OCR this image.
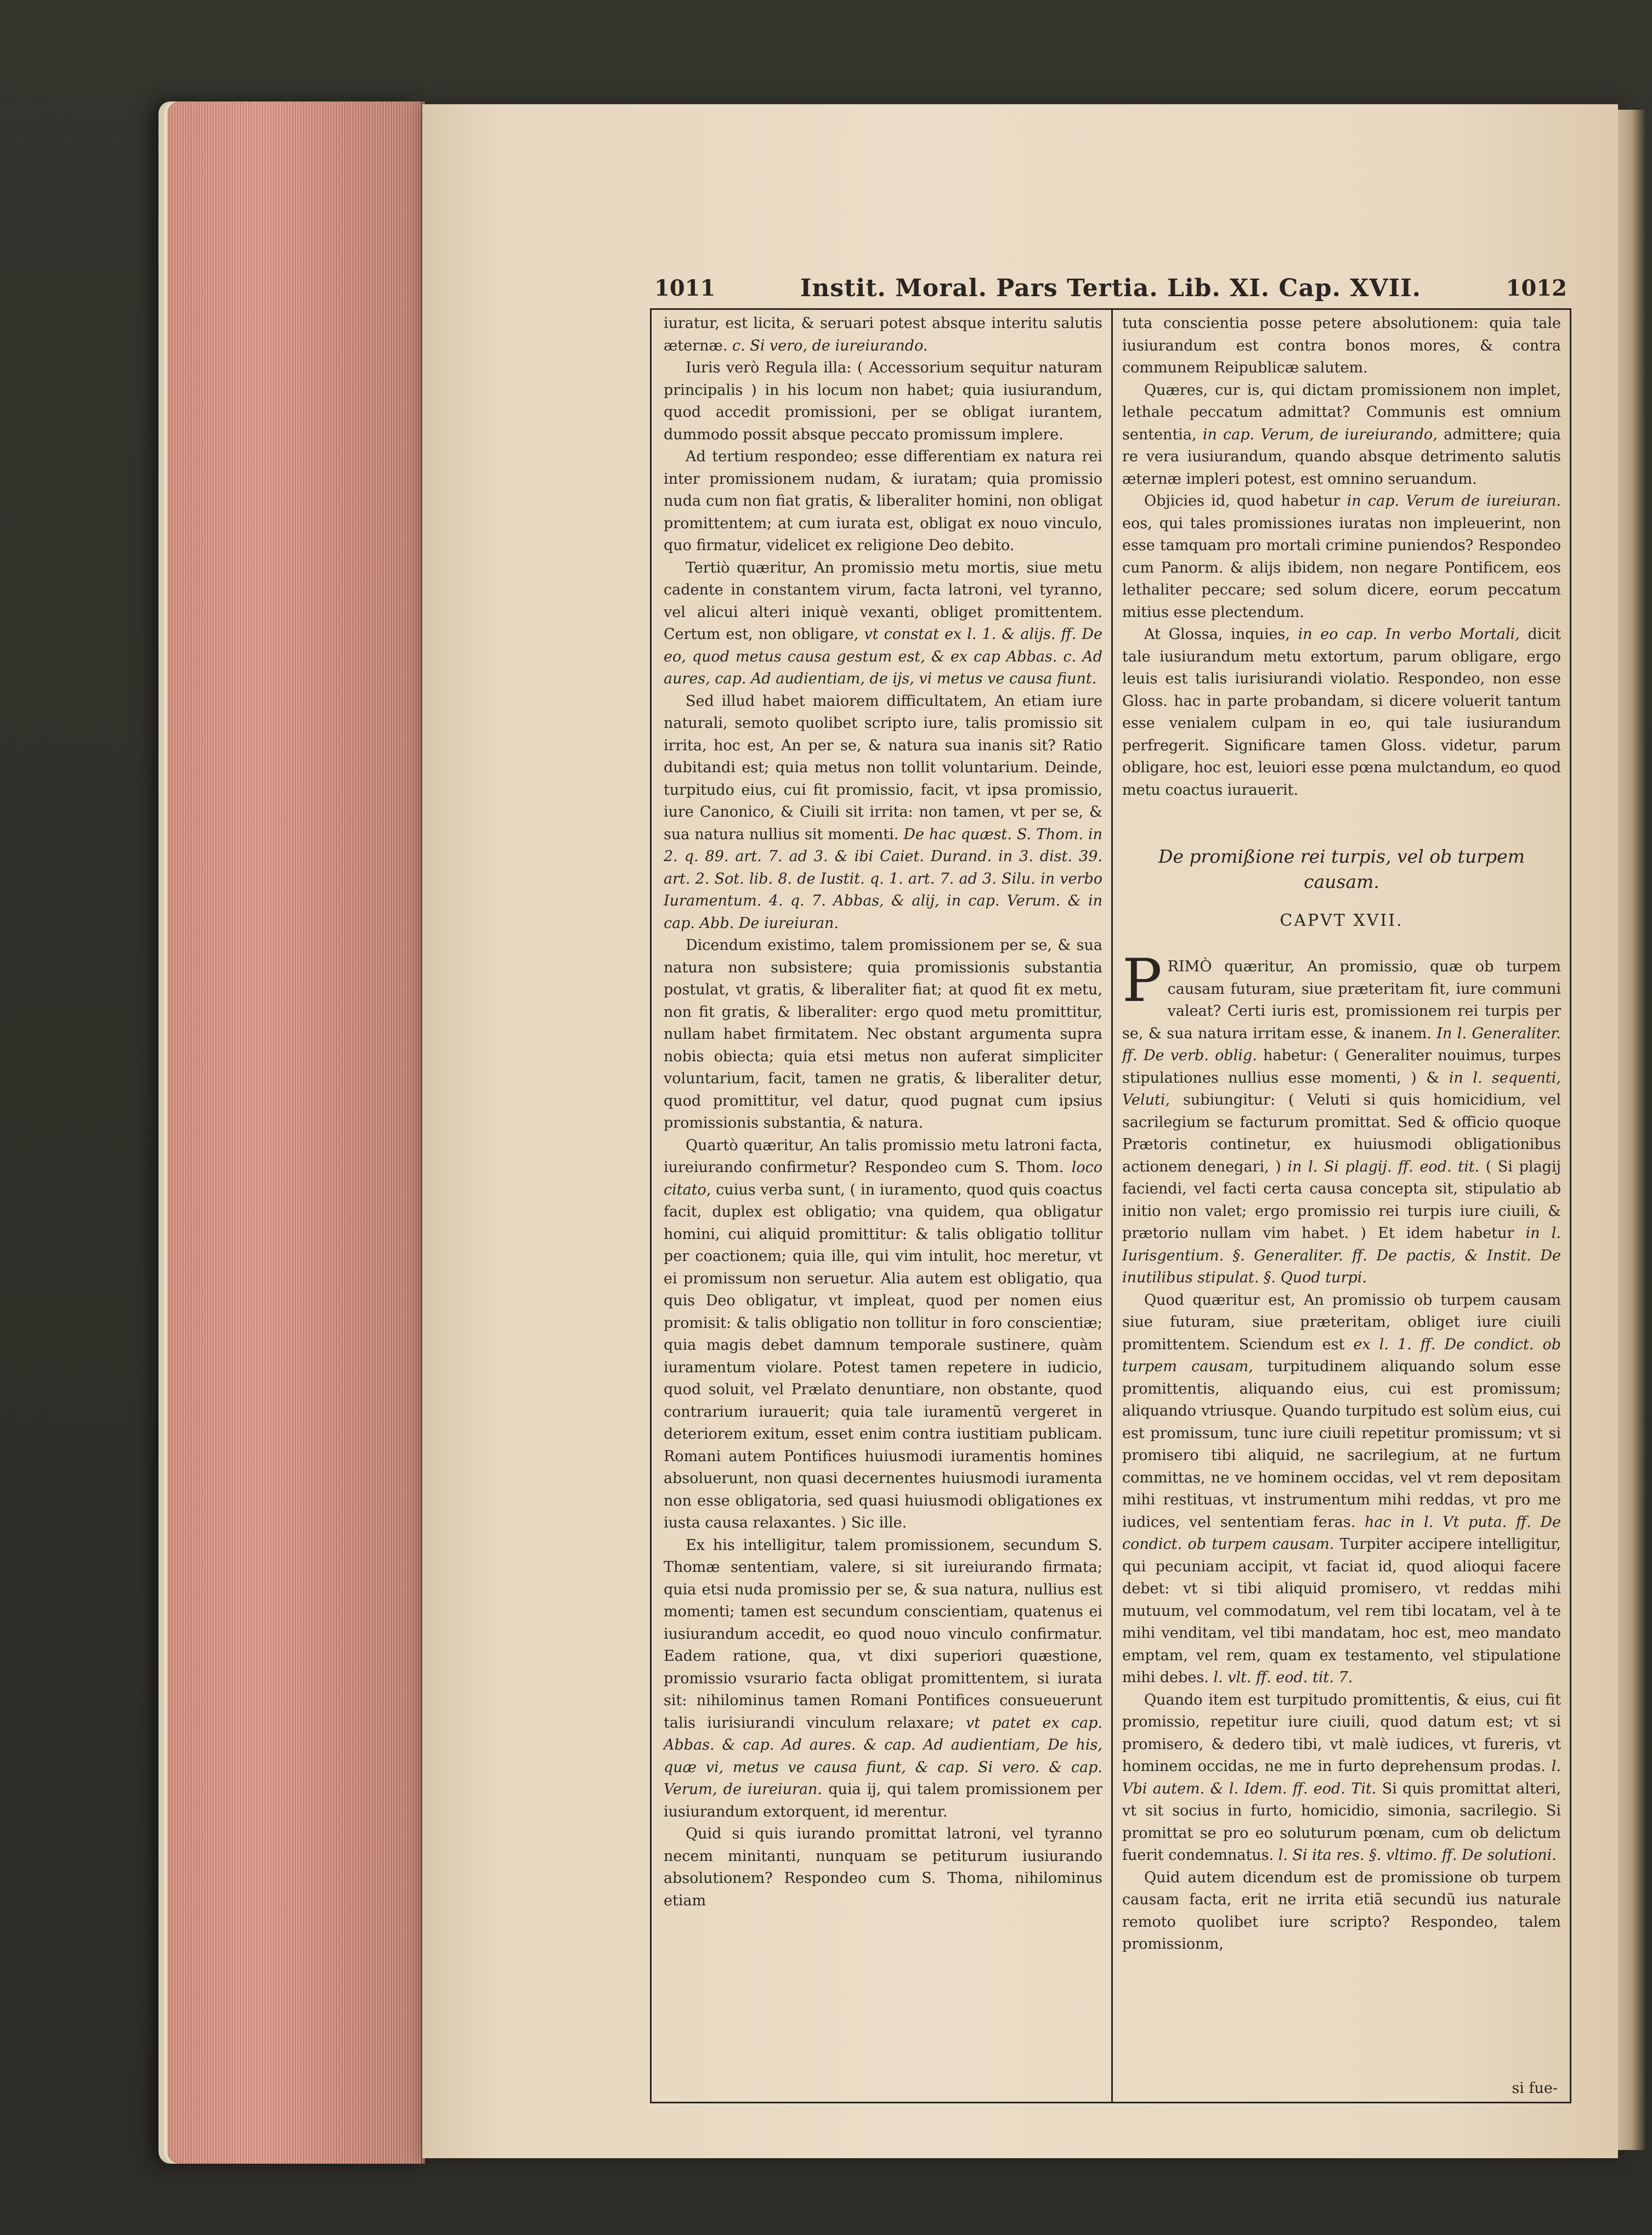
1011	Instit. Moral. Pars Tertia. Lib. XI. Cap. XVII.	1012

iuratur, est licita, & seruari potest absque interitu salutis æternæ. c. Si vero, de iureiurando.

Iuris verò Regula illa: ( Accessorium sequitur naturam principalis ) in his locum non habet; quia iusiurandum, quod accedit promissioni, per se obligat iurantem, dummodo possit absque peccato promissum implere.

Ad tertium respondeo; esse differentiam ex natura rei inter promissionem nudam, & iuratam; quia promissio nuda cum non fiat gratis, & liberaliter homini, non obligat promittentem; at cum iurata est, obligat ex nouo vinculo, quo firmatur, videlicet ex religione Deo debito.

Tertiò quæritur, An promissio metu mortis, siue metu cadente in constantem virum, facta latroni, vel tyranno, vel alicui alteri iniquè vexanti, obliget promittentem. Certum est, non obligare, vt constat ex l. 1. & alijs. ff. De eo, quod metus causa gestum est, & ex cap Abbas. c. Ad aures, cap. Ad audientiam, de ijs, vi metus ve causa fiunt.

Sed illud habet maiorem difficultatem, An etiam iure naturali, semoto quolibet scripto iure, talis promissio sit irrita, hoc est, An per se, & natura sua inanis sit? Ratio dubitandi est; quia metus non tollit voluntarium. Deinde, turpitudo eius, cui fit promissio, facit, vt ipsa promissio, iure Canonico, & Ciuili sit irrita: non tamen, vt per se, & sua natura nullius sit momenti. De hac quæst. S. Thom. in 2. q. 89. art. 7. ad 3. & ibi Caiet. Durand. in 3. dist. 39. art. 2. Sot. lib. 8. de Iustit. q. 1. art. 7. ad 3. Silu. in verbo Iuramentum. 4. q. 7. Abbas, & alij, in cap. Verum. & in cap. Abb. De iureiuran.

Dicendum existimo, talem promissionem per se, & sua natura non subsistere; quia promissionis substantia postulat, vt gratis, & liberaliter fiat; at quod fit ex metu, non fit gratis, & liberaliter: ergo quod metu promittitur, nullam habet firmitatem. Nec obstant argumenta supra nobis obiecta; quia etsi metus non auferat simpliciter voluntarium, facit, tamen ne gratis, & liberaliter detur, quod promittitur, vel datur, quod pugnat cum ipsius promissionis substantia, & natura.

Quartò quæritur, An talis promissio metu latroni facta, iureiurando confirmetur? Respondeo cum S. Thom. loco citato, cuius verba sunt, ( in iuramento, quod quis coactus facit, duplex est obligatio; vna quidem, qua obligatur homini, cui aliquid promittitur: & talis obligatio tollitur per coactionem; quia ille, qui vim intulit, hoc meretur, vt ei promissum non seruetur. Alia autem est obligatio, qua quis Deo obligatur, vt impleat, quod per nomen eius promisit: & talis obligatio non tollitur in foro conscientiæ; quia magis debet damnum temporale sustinere, quàm iuramentum violare. Potest tamen repetere in iudicio, quod soluit, vel Prælato denuntiare, non obstante, quod contrarium iurauerit; quia tale iuramentũ vergeret in deteriorem exitum, esset enim contra iustitiam publicam. Romani autem Pontifices huiusmodi iuramentis homines absoluerunt, non quasi decernentes huiusmodi iuramenta non esse obligatoria, sed quasi huiusmodi obligationes ex iusta causa relaxantes. ) Sic ille.

Ex his intelligitur, talem promissionem, secundum S. Thomæ sententiam, valere, si sit iureiurando firmata; quia etsi nuda promissio per se, & sua natura, nullius est momenti; tamen est secundum conscientiam, quatenus ei iusiurandum accedit, eo quod nouo vinculo confirmatur. Eadem ratione, qua, vt dixi superiori quæstione, promissio vsurario facta obligat promittentem, si iurata sit: nihilominus tamen Romani Pontifices consueuerunt talis iurisiurandi vinculum relaxare; vt patet ex cap. Abbas. & cap. Ad aures. & cap. Ad audientiam, De his, quæ vi, metus ve causa fiunt, & cap. Si vero. & cap. Verum, de iureiuran. quia ij, qui talem promissionem per iusiurandum extorquent, id merentur.

Quid si quis iurando promittat latroni, vel tyranno necem minitanti, nunquam se petiturum iusiurando absolutionem? Respondeo cum S. Thoma, nihilominus etiam

tuta conscientia posse petere absolutionem: quia tale iusiurandum est contra bonos mores, & contra communem Reipublicæ salutem.

Quæres, cur is, qui dictam promissionem non implet, lethale peccatum admittat? Communis est omnium sententia, in cap. Verum, de iureiurando, admittere; quia re vera iusiurandum, quando absque detrimento salutis æternæ impleri potest, est omnino seruandum.

Objicies id, quod habetur in cap. Verum de iureiuran. eos, qui tales promissiones iuratas non impleuerint, non esse tamquam pro mortali crimine puniendos? Respondeo cum Panorm. & alijs ibidem, non negare Pontificem, eos lethaliter peccare; sed solum dicere, eorum peccatum mitius esse plectendum.

At Glossa, inquies, in eo cap. In verbo Mortali, dicit tale iusiurandum metu extortum, parum obligare, ergo leuis est talis iurisiurandi violatio. Respondeo, non esse Gloss. hac in parte probandam, si dicere voluerit tantum esse venialem culpam in eo, qui tale iusiurandum perfregerit. Significare tamen Gloss. videtur, parum obligare, hoc est, leuiori esse pœna mulctandum, eo quod metu coactus iurauerit.

De promißione rei turpis, vel ob turpem causam.
CAPVT XVII.

PRIMÒ quæritur, An promissio, quæ ob turpem causam futuram, siue præteritam fit, iure communi valeat? Certi iuris est, promissionem rei turpis per se, & sua natura irritam esse, & inanem. In l. Generaliter. ff. De verb. oblig. habetur: ( Generaliter nouimus, turpes stipulationes nullius esse momenti, ) & in l. sequenti, Veluti, subiungitur: ( Veluti si quis homicidium, vel sacrilegium se facturum promittat. Sed & officio quoque Prætoris continetur, ex huiusmodi obligationibus actionem denegari, ) in l. Si plagij. ff. eod. tit. ( Si plagij faciendi, vel facti certa causa concepta sit, stipulatio ab initio non valet; ergo promissio rei turpis iure ciuili, & prætorio nullam vim habet. ) Et idem habetur in l. Iurisgentium. §. Generaliter. ff. De pactis, & Instit. De inutilibus stipulat. §. Quod turpi.

Quod quæritur est, An promissio ob turpem causam siue futuram, siue præteritam, obliget iure ciuili promittentem. Sciendum est ex l. 1. ff. De condict. ob turpem causam, turpitudinem aliquando solum esse promittentis, aliquando eius, cui est promissum; aliquando vtriusque. Quando turpitudo est solùm eius, cui est promissum, tunc iure ciuili repetitur promissum; vt si promisero tibi aliquid, ne sacrilegium, at ne furtum committas, ne ve hominem occidas, vel vt rem depositam mihi restituas, vt instrumentum mihi reddas, vt pro me iudices, vel sententiam feras. hac in l. Vt puta. ff. De condict. ob turpem causam. Turpiter accipere intelligitur, qui pecuniam accipit, vt faciat id, quod alioqui facere debet: vt si tibi aliquid promisero, vt reddas mihi mutuum, vel commodatum, vel rem tibi locatam, vel à te mihi venditam, vel tibi mandatam, hoc est, meo mandato emptam, vel rem, quam ex testamento, vel stipulatione mihi debes. l. vlt. ff. eod. tit. 7.

Quando item est turpitudo promittentis, & eius, cui fit promissio, repetitur iure ciuili, quod datum est; vt si promisero, & dedero tibi, vt malè iudices, vt fureris, vt hominem occidas, ne me in furto deprehensum prodas. l. Vbi autem. & l. Idem. ff. eod. Tit. Si quis promittat alteri, vt sit socius in furto, homicidio, simonia, sacrilegio. Si promittat se pro eo soluturum pœnam, cum ob delictum fuerit condemnatus. l. Si ita res. §. vltimo. ff. De solutioni.

Quid autem dicendum est de promissione ob turpem causam facta, erit ne irrita etiã secundũ ius naturale remoto quolibet iure scripto? Respondeo, talem promissionm,

si fue-
